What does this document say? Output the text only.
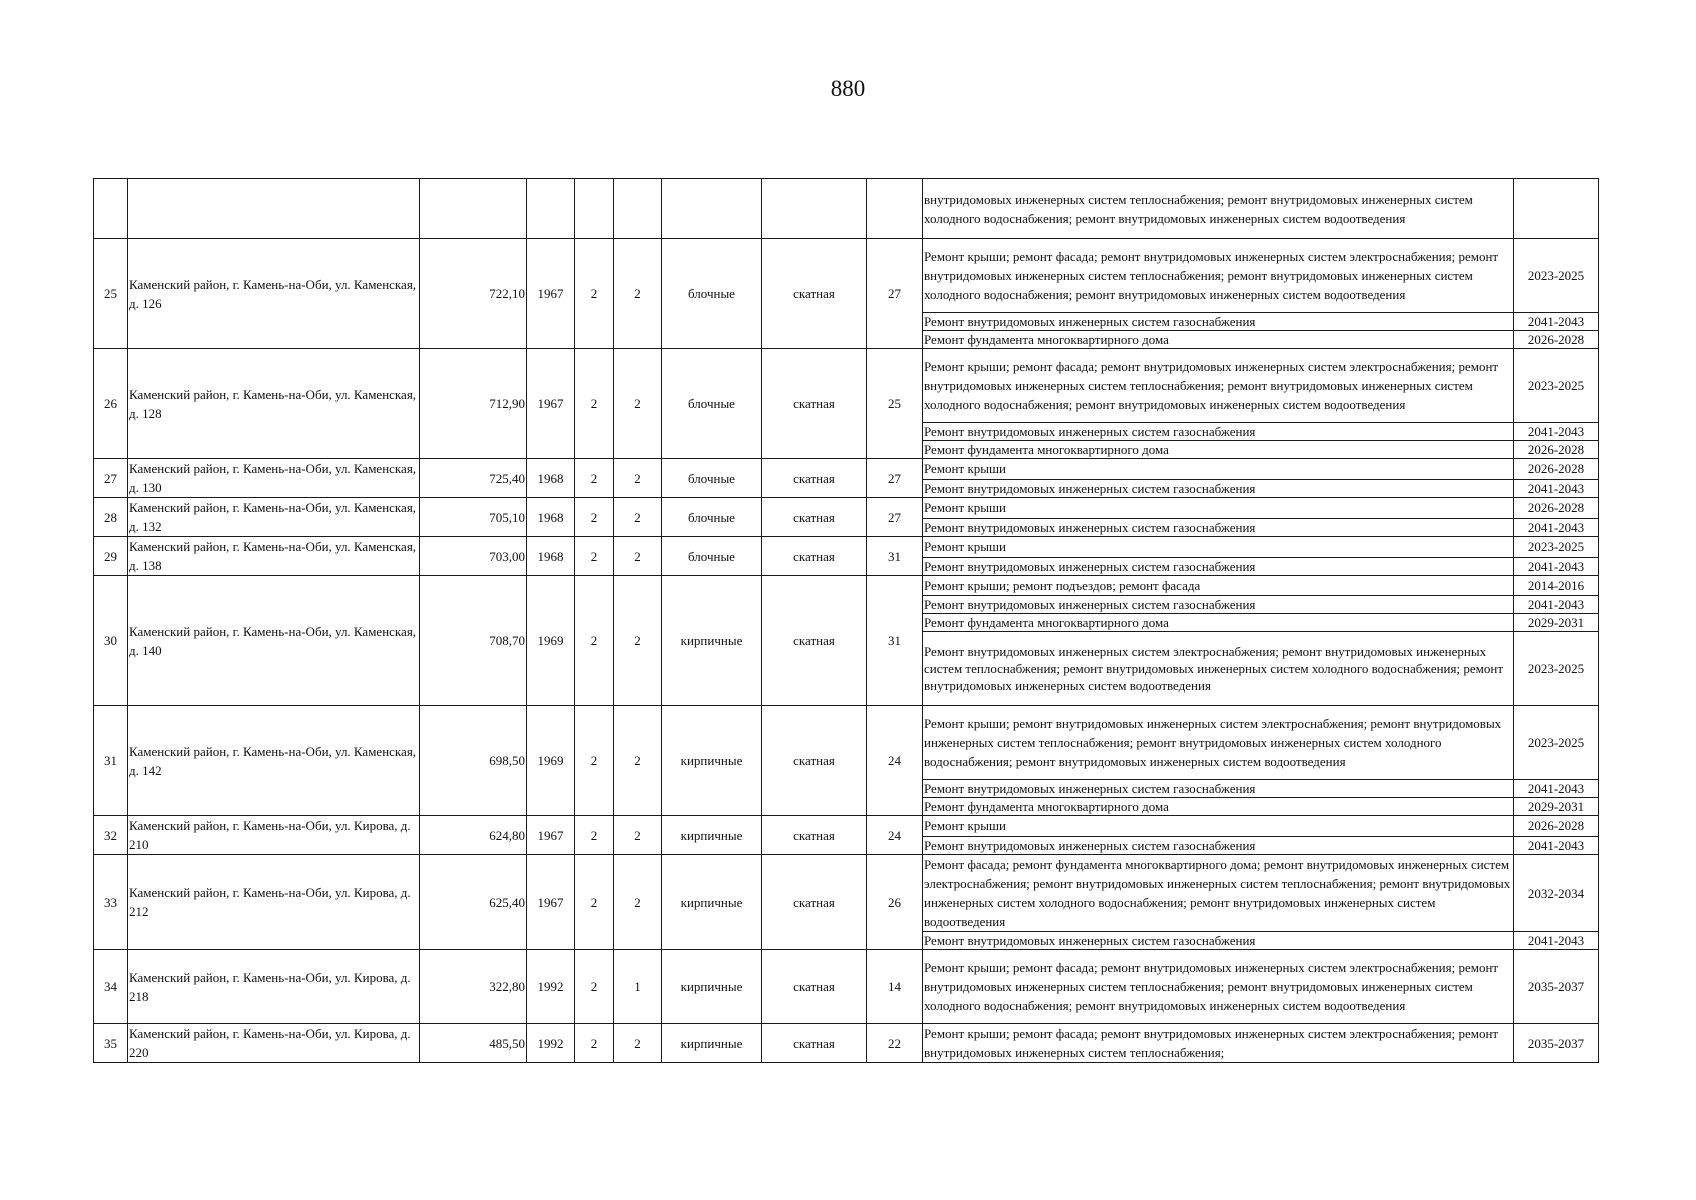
880
									внутридомовых инженерных систем теплоснабжения; ремонт внутридомовых инженерных систем холодного водоснабжения; ремонт внутридомовых инженерных систем водоотведения	
25	Каменский район, г. Камень-на-Оби, ул. Каменская, д. 126	722,10	1967	2	2	блочные	скатная	27	Ремонт крыши; ремонт фасада; ремонт внутридомовых инженерных систем электроснабжения; ремонт внутридомовых инженерных систем теплоснабжения; ремонт внутридомовых инженерных систем холодного водоснабжения; ремонт внутридомовых инженерных систем водоотведения	2023-2025
									Ремонт внутридомовых инженерных систем газоснабжения	2041-2043
									Ремонт фундамента многоквартирного дома	2026-2028
26	Каменский район, г. Камень-на-Оби, ул. Каменская, д. 128	712,90	1967	2	2	блочные	скатная	25	Ремонт крыши; ремонт фасада; ремонт внутридомовых инженерных систем электроснабжения; ремонт внутридомовых инженерных систем теплоснабжения; ремонт внутридомовых инженерных систем холодного водоснабжения; ремонт внутридомовых инженерных систем водоотведения	2023-2025
									Ремонт внутридомовых инженерных систем газоснабжения	2041-2043
									Ремонт фундамента многоквартирного дома	2026-2028
27	Каменский район, г. Камень-на-Оби, ул. Каменская, д. 130	725,40	1968	2	2	блочные	скатная	27	Ремонт крыши	2026-2028
									Ремонт внутридомовых инженерных систем газоснабжения	2041-2043
28	Каменский район, г. Камень-на-Оби, ул. Каменская, д. 132	705,10	1968	2	2	блочные	скатная	27	Ремонт крыши	2026-2028
									Ремонт внутридомовых инженерных систем газоснабжения	2041-2043
29	Каменский район, г. Камень-на-Оби, ул. Каменская, д. 138	703,00	1968	2	2	блочные	скатная	31	Ремонт крыши	2023-2025
									Ремонт внутридомовых инженерных систем газоснабжения	2041-2043
30	Каменский район, г. Камень-на-Оби, ул. Каменская, д. 140	708,70	1969	2	2	кирпичные	скатная	31	Ремонт крыши; ремонт подъездов; ремонт фасада	2014-2016
									Ремонт внутридомовых инженерных систем газоснабжения	2041-2043
									Ремонт фундамента многоквартирного дома	2029-2031
									Ремонт внутридомовых инженерных систем электроснабжения; ремонт внутридомовых инженерных систем теплоснабжения; ремонт внутридомовых инженерных систем холодного водоснабжения; ремонт внутридомовых инженерных систем водоотведения	2023-2025
31	Каменский район, г. Камень-на-Оби, ул. Каменская, д. 142	698,50	1969	2	2	кирпичные	скатная	24	Ремонт крыши; ремонт внутридомовых инженерных систем электроснабжения; ремонт внутридомовых инженерных систем теплоснабжения; ремонт внутридомовых инженерных систем холодного водоснабжения; ремонт внутридомовых инженерных систем водоотведения	2023-2025
									Ремонт внутридомовых инженерных систем газоснабжения	2041-2043
									Ремонт фундамента многоквартирного дома	2029-2031
32	Каменский район, г. Камень-на-Оби, ул. Кирова, д. 210	624,80	1967	2	2	кирпичные	скатная	24	Ремонт крыши	2026-2028
									Ремонт внутридомовых инженерных систем газоснабжения	2041-2043
33	Каменский район, г. Камень-на-Оби, ул. Кирова, д. 212	625,40	1967	2	2	кирпичные	скатная	26	Ремонт фасада; ремонт фундамента многоквартирного дома; ремонт внутридомовых инженерных систем электроснабжения; ремонт внутридомовых инженерных систем теплоснабжения; ремонт внутридомовых инженерных систем холодного водоснабжения; ремонт внутридомовых инженерных систем водоотведения	2032-2034
									Ремонт внутридомовых инженерных систем газоснабжения	2041-2043
34	Каменский район, г. Камень-на-Оби, ул. Кирова, д. 218	322,80	1992	2	1	кирпичные	скатная	14	Ремонт крыши; ремонт фасада; ремонт внутридомовых инженерных систем электроснабжения; ремонт внутридомовых инженерных систем теплоснабжения; ремонт внутридомовых инженерных систем холодного водоснабжения; ремонт внутридомовых инженерных систем водоотведения	2035-2037
35	Каменский район, г. Камень-на-Оби, ул. Кирова, д. 220	485,50	1992	2	2	кирпичные	скатная	22	Ремонт крыши; ремонт фасада; ремонт внутридомовых инженерных систем электроснабжения; ремонт внутридомовых инженерных систем теплоснабжения;	2035-2037
